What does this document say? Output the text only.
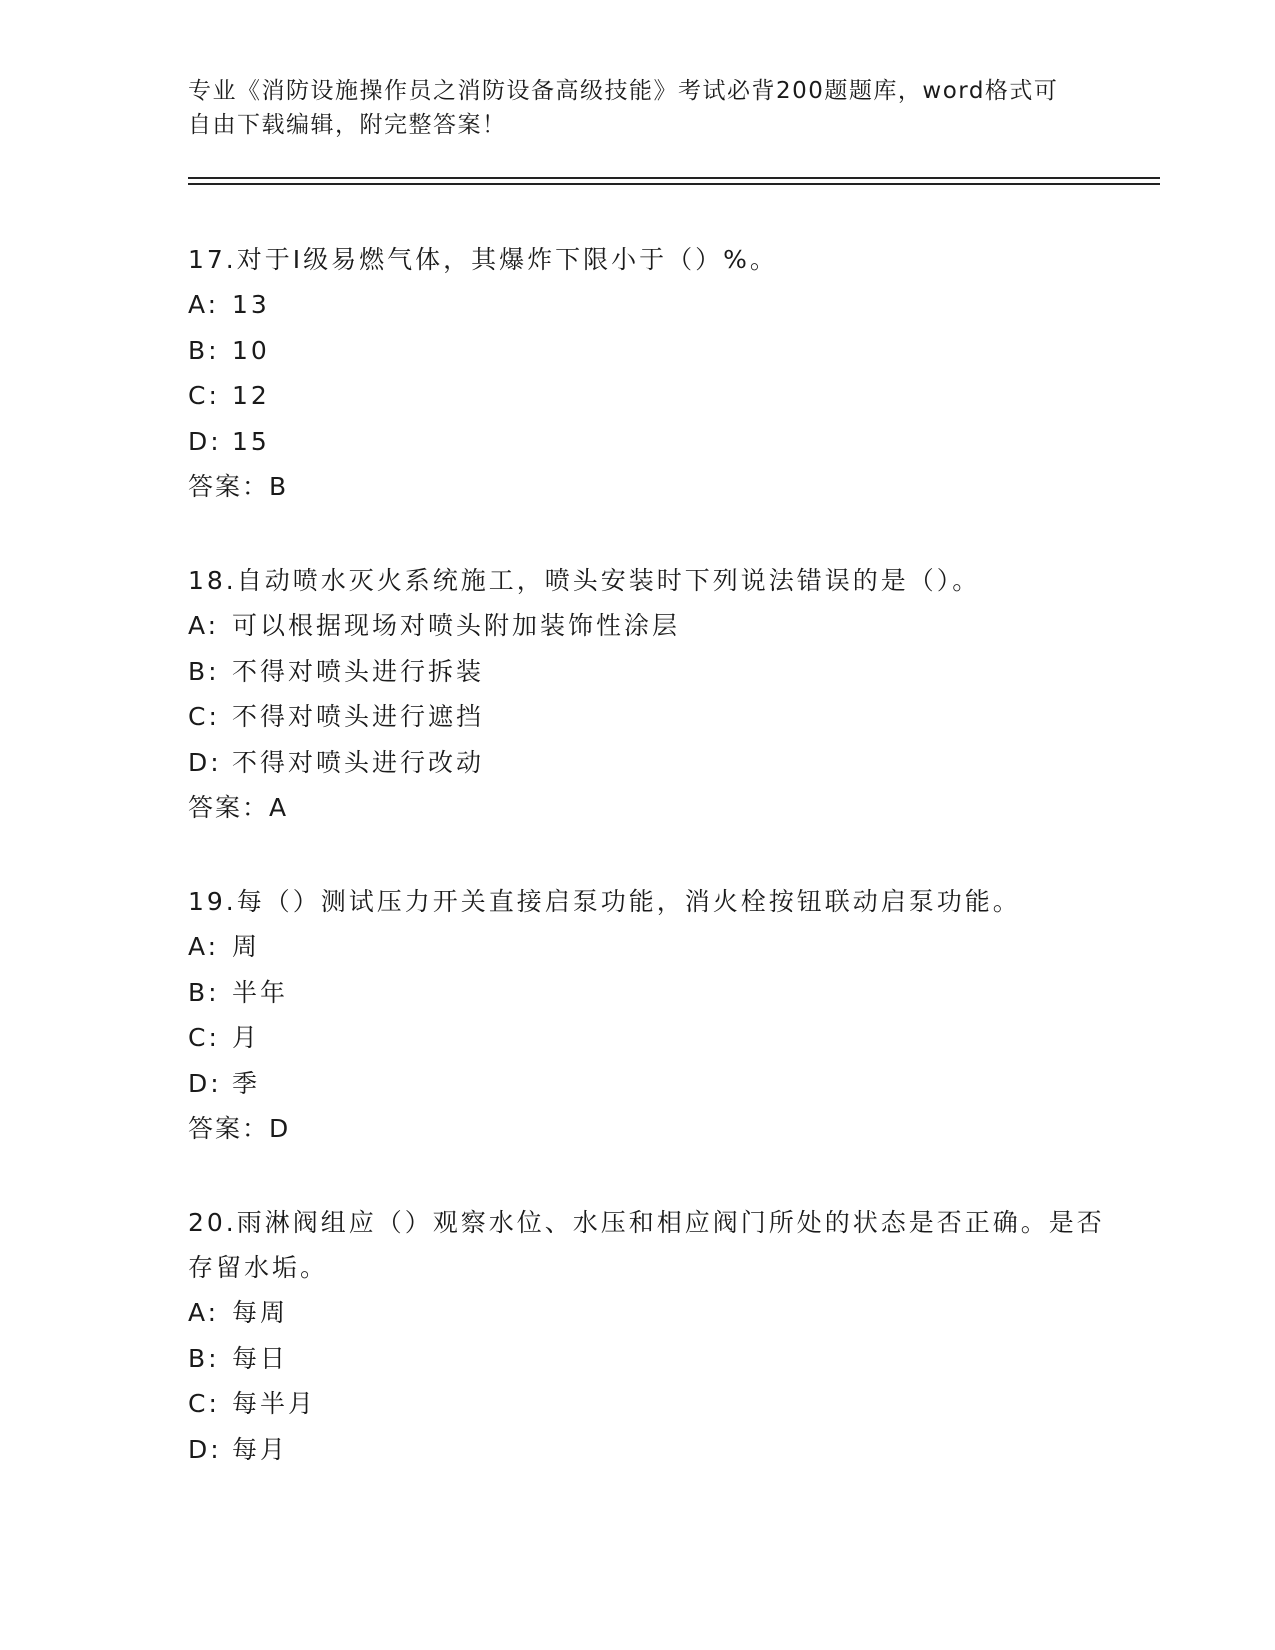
专业《消防设施操作员之消防设备高级技能》考试必背200题题库，word格式可自由下载编辑，附完整答案！

17.对于Ⅰ级易燃气体，其爆炸下限小于（）%。

A: 13

B: 10

C: 12

D: 15

答案：B

18.自动喷水灭火系统施工，喷头安装时下列说法错误的是（）。

A: 可以根据现场对喷头附加装饰性涂层

B: 不得对喷头进行拆装

C: 不得对喷头进行遮挡

D: 不得对喷头进行改动

答案：A

19.每（）测试压力开关直接启泵功能，消火栓按钮联动启泵功能。

A: 周

B: 半年

C: 月

D: 季

答案：D

20.雨淋阀组应（）观察水位、水压和相应阀门所处的状态是否正确。是否存留水垢。

A: 每周

B: 每日

C: 每半月

D: 每月
